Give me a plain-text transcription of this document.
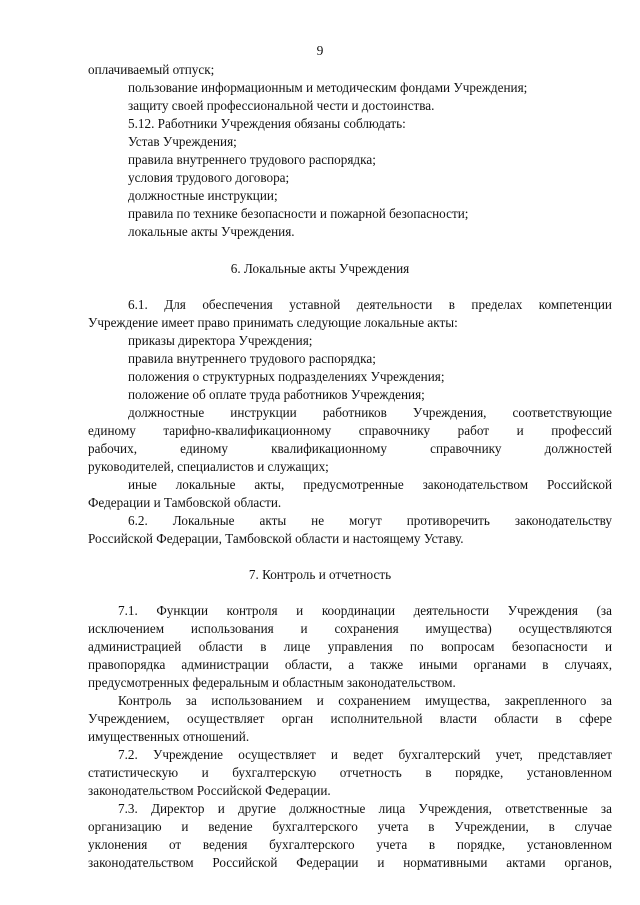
9
оплачиваемый отпуск;
пользование информационным и методическим фондами Учреждения;
защиту своей профессиональной чести и достоинства.
5.12. Работники Учреждения обязаны соблюдать:
Устав Учреждения;
правила внутреннего трудового распорядка;
условия трудового договора;
должностные инструкции;
правила по технике безопасности и пожарной безопасности;
локальные акты Учреждения.
6. Локальные акты Учреждения
6.1. Для обеспечения уставной деятельности в пределах компетенции
Учреждение имеет право принимать следующие локальные акты:
приказы директора Учреждения;
правила внутреннего трудового распорядка;
положения о структурных подразделениях Учреждения;
положение об оплате труда работников Учреждения;
должностные инструкции работников Учреждения, соответствующие
единому тарифно-квалификационному справочнику работ и профессий
рабочих, единому квалификационному справочнику должностей
руководителей, специалистов и служащих;
иные локальные акты, предусмотренные законодательством Российской
Федерации и Тамбовской области.
6.2. Локальные акты не могут противоречить законодательству
Российской Федерации, Тамбовской области и настоящему Уставу.
7. Контроль и отчетность
7.1. Функции контроля и координации деятельности Учреждения (за
исключением использования и сохранения имущества) осуществляются
администрацией области в лице управления по вопросам безопасности и
правопорядка администрации области, а также иными органами в случаях,
предусмотренных федеральным и областным законодательством.
Контроль за использованием и сохранением имущества, закрепленного за
Учреждением, осуществляет орган исполнительной власти области в сфере
имущественных отношений.
7.2. Учреждение осуществляет и ведет бухгалтерский учет, представляет
статистическую и бухгалтерскую отчетность в порядке, установленном
законодательством Российской Федерации.
7.3. Директор и другие должностные лица Учреждения, ответственные за
организацию и ведение бухгалтерского учета в Учреждении, в случае
уклонения от ведения бухгалтерского учета в порядке, установленном
законодательством Российской Федерации и нормативными актами органов,
